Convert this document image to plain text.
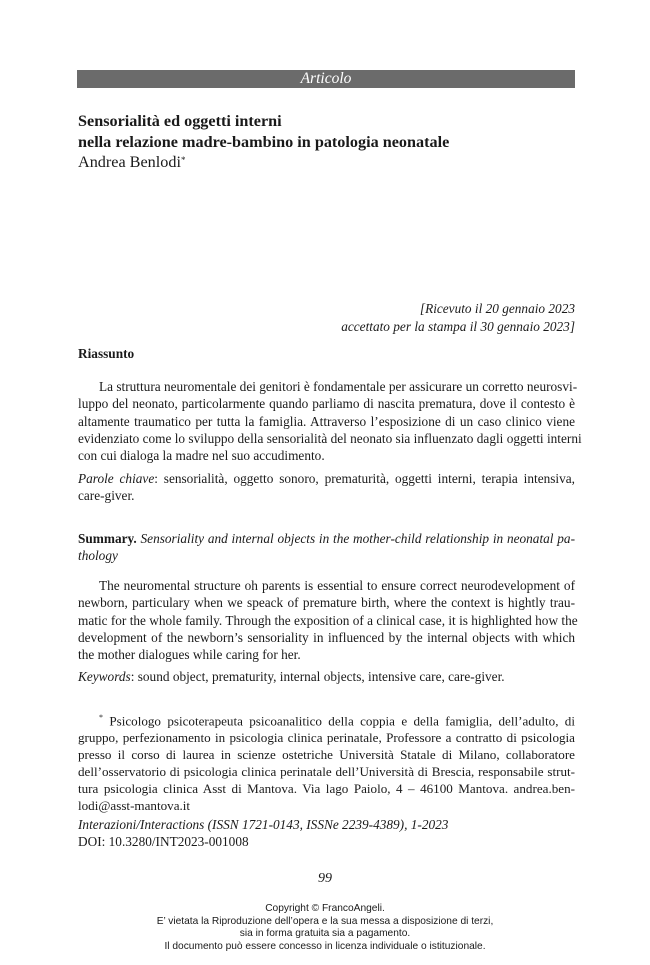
Articolo
Sensorialità ed oggetti interni
nella relazione madre-bambino in patologia neonatale
Andrea Benlodi*
[Ricevuto il 20 gennaio 2023
accettato per la stampa il 30 gennaio 2023]
Riassunto
La struttura neuromentale dei genitori è fondamentale per assicurare un corretto neurosvi-
luppo del neonato, particolarmente quando parliamo di nascita prematura, dove il contesto è
altamente traumatico per tutta la famiglia. Attraverso l’esposizione di un caso clinico viene
evidenziato come lo sviluppo della sensorialità del neonato sia influenzato dagli oggetti interni
con cui dialoga la madre nel suo accudimento.
Parole chiave: sensorialità, oggetto sonoro, prematurità, oggetti interni, terapia intensiva,
care-giver.
Summary. Sensoriality and internal objects in the mother-child relationship in neonatal pa-
thology
The neuromental structure oh parents is essential to ensure correct neurodevelopment of
newborn, particulary when we speack of premature birth, where the context is hightly trau-
matic for the whole family. Through the exposition of a clinical case, it is highlighted how the
development of the newborn’s sensoriality in influenced by the internal objects with which
the mother dialogues while caring for her.
Keywords: sound object, prematurity, internal objects, intensive care, care-giver.
* Psicologo psicoterapeuta psicoanalitico della coppia e della famiglia, dell’adulto, di
gruppo, perfezionamento in psicologia clinica perinatale, Professore a contratto di psicologia
presso il corso di laurea in scienze ostetriche Università Statale di Milano, collaboratore
dell’osservatorio di psicologia clinica perinatale dell’Università di Brescia, responsabile strut-
tura psicologia clinica Asst di Mantova. Via lago Paiolo, 4 – 46100 Mantova. andrea.ben-
lodi@asst-mantova.it
Interazioni/Interactions (ISSN 1721-0143, ISSNe 2239-4389), 1-2023
DOI: 10.3280/INT2023-001008
99
Copyright © FrancoAngeli.
E’ vietata la Riproduzione dell’opera e la sua messa a disposizione di terzi,
sia in forma gratuita sia a pagamento.
Il documento può essere concesso in licenza individuale o istituzionale.
